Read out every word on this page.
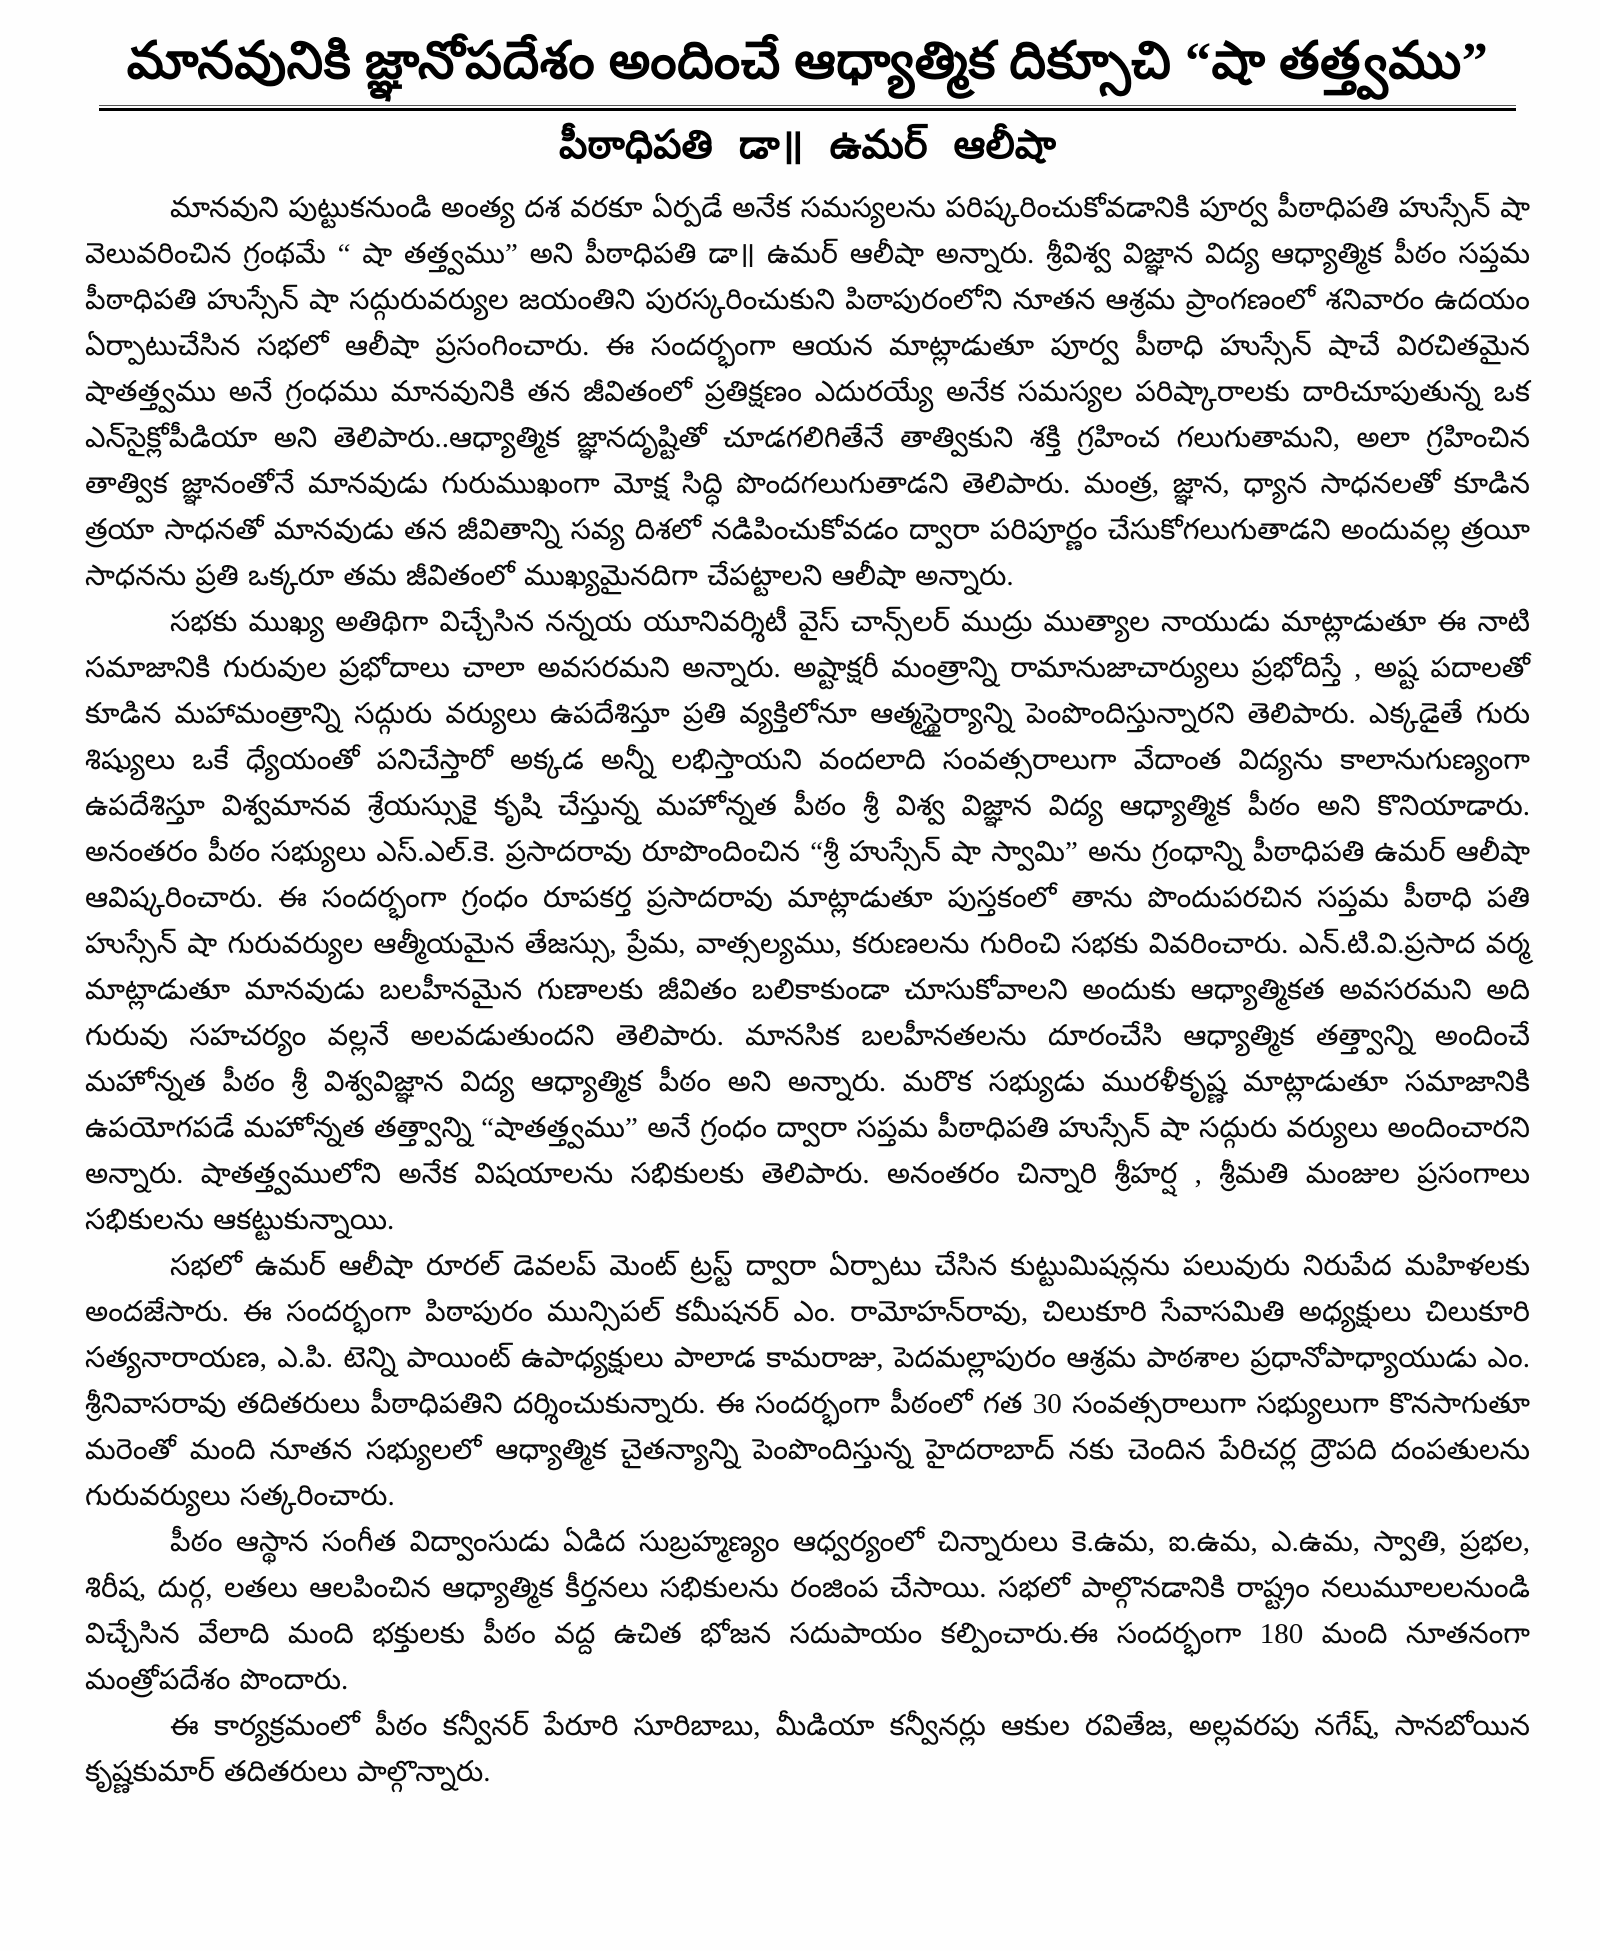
మానవునికి జ్ఞానోపదేశం అందించే ఆధ్యాత్మిక దిక్సూచి “షా తత్త్వము”
పీఠాధిపతి డా॥ ఉమర్ ఆలీషా

మానవుని పుట్టుకనుండి అంత్య దశ వరకూ ఏర్పడే అనేక సమస్యలను పరిష్కరించుకోవడానికి పూర్వ పీఠాధిపతి హుస్సేన్ షా వెలువరించిన గ్రంథమే “ షా తత్త్వము” అని పీఠాధిపతి డా॥ ఉమర్ ఆలీషా అన్నారు. శ్రీవిశ్వ విజ్ఞాన విద్య ఆధ్యాత్మిక పీఠం సప్తమ పీఠాధిపతి హుస్సేన్ షా సద్గురువర్యుల జయంతిని పురస్కరించుకుని పిఠాపురంలోని నూతన ఆశ్రమ ప్రాంగణంలో శనివారం ఉదయం ఏర్పాటుచేసిన సభలో ఆలీషా ప్రసంగించారు. ఈ సందర్భంగా ఆయన మాట్లాడుతూ పూర్వ పీఠాధి హుస్సేన్ షాచే విరచితమైన షాతత్త్వము అనే గ్రంధము మానవునికి తన జీవితంలో ప్రతిక్షణం ఎదురయ్యే అనేక సమస్యల పరిష్కారాలకు దారిచూపుతున్న ఒక ఎన్‌సైక్లోపీడియా అని తెలిపారు..ఆధ్యాత్మిక జ్ఞానదృష్టితో చూడగలిగితేనే తాత్వికుని శక్తి గ్రహించ గలుగుతామని, అలా గ్రహించిన తాత్విక జ్ఞానంతోనే మానవుడు గురుముఖంగా మోక్ష సిద్ధి పొందగలుగుతాడని తెలిపారు. మంత్ర, జ్ఞాన, ధ్యాన సాధనలతో కూడిన త్రయా సాధనతో మానవుడు తన జీవితాన్ని సవ్య దిశలో నడిపించుకోవడం ద్వారా పరిపూర్ణం చేసుకోగలుగుతాడని అందువల్ల త్రయీ సాధనను ప్రతి ఒక్కరూ తమ జీవితంలో ముఖ్యమైనదిగా చేపట్టాలని ఆలీషా అన్నారు.

సభకు ముఖ్య అతిథిగా విచ్చేసిన నన్నయ యూనివర్శిటీ వైస్ చాన్స్‌లర్ ముద్రు ముత్యాల నాయుడు మాట్లాడుతూ ఈ నాటి సమాజానికి గురువుల ప్రభోదాలు చాలా అవసరమని అన్నారు. అష్టాక్షరీ మంత్రాన్ని రామానుజాచార్యులు ప్రభోదిస్తే , అష్ట పదాలతో కూడిన మహామంత్రాన్ని సద్గురు వర్యులు ఉపదేశిస్తూ ప్రతి వ్యక్తిలోనూ ఆత్మస్థైర్యాన్ని పెంపొందిస్తున్నారని తెలిపారు. ఎక్కడైతే గురు శిష్యులు ఒకే ధ్యేయంతో పనిచేస్తారో అక్కడ అన్నీ లభిస్తాయని వందలాది సంవత్సరాలుగా వేదాంత విద్యను కాలానుగుణ్యంగా ఉపదేశిస్తూ విశ్వమానవ శ్రేయస్సుకై కృషి చేస్తున్న మహోన్నత పీఠం శ్రీ విశ్వ విజ్ఞాన విద్య ఆధ్యాత్మిక పీఠం అని కొనియాడారు. అనంతరం పీఠం సభ్యులు ఎస్.ఎల్.కె. ప్రసాదరావు రూపొందించిన “శ్రీ హుస్సేన్ షా స్వామి” అను గ్రంధాన్ని పీఠాధిపతి ఉమర్ ఆలీషా ఆవిష్కరించారు. ఈ సందర్భంగా గ్రంధం రూపకర్త ప్రసాదరావు మాట్లాడుతూ పుస్తకంలో తాను పొందుపరచిన సప్తమ పీఠాధి పతి హుస్సేన్ షా గురువర్యుల ఆత్మీయమైన తేజస్సు, ప్రేమ, వాత్సల్యము, కరుణలను గురించి సభకు వివరించారు. ఎన్.టి.వి.ప్రసాద వర్మ మాట్లాడుతూ మానవుడు బలహీనమైన గుణాలకు జీవితం బలికాకుండా చూసుకోవాలని అందుకు ఆధ్యాత్మికత అవసరమని అది గురువు సహచర్యం వల్లనే అలవడుతుందని తెలిపారు. మానసిక బలహీనతలను దూరంచేసి ఆధ్యాత్మిక తత్త్వాన్ని అందించే మహోన్నత పీఠం శ్రీ విశ్వవిజ్ఞాన విద్య ఆధ్యాత్మిక పీఠం అని అన్నారు. మరొక సభ్యుడు మురళీకృష్ణ మాట్లాడుతూ సమాజానికి ఉపయోగపడే మహోన్నత తత్త్వాన్ని “షాతత్త్వము” అనే గ్రంధం ద్వారా సప్తమ పీఠాధిపతి హుస్సేన్ షా సద్గురు వర్యులు అందించారని అన్నారు. షాతత్త్వములోని అనేక విషయాలను సభికులకు తెలిపారు. అనంతరం చిన్నారి శ్రీహర్ష , శ్రీమతి మంజుల ప్రసంగాలు సభికులను ఆకట్టుకున్నాయి.

సభలో ఉమర్ ఆలీషా రూరల్ డెవలప్ మెంట్ ట్రస్ట్ ద్వారా ఏర్పాటు చేసిన కుట్టుమిషన్లను పలువురు నిరుపేద మహిళలకు అందజేసారు. ఈ సందర్భంగా పిఠాపురం మున్సిపల్ కమీషనర్ ఎం. రామోహన్‌రావు, చిలుకూరి సేవాసమితి అధ్యక్షులు చిలుకూరి సత్యనారాయణ, ఎ.పి. టెన్ని పాయింట్ ఉపాధ్యక్షులు పాలాడ కామరాజు, పెదమల్లాపురం ఆశ్రమ పాఠశాల ప్రధానోపాధ్యాయుడు ఎం. శ్రీనివాసరావు తదితరులు పీఠాధిపతిని దర్శించుకున్నారు. ఈ సందర్భంగా పీఠంలో గత 30 సంవత్సరాలుగా సభ్యులుగా కొనసాగుతూ మరెంతో మంది నూతన సభ్యులలో ఆధ్యాత్మిక చైతన్యాన్ని పెంపొందిస్తున్న హైదరాబాద్ నకు చెందిన పేరిచర్ల ద్రౌపది దంపతులను గురువర్యులు సత్కరించారు.

పీఠం ఆస్థాన సంగీత విద్వాంసుడు ఏడిద సుబ్రహ్మణ్యం ఆధ్వర్యంలో చిన్నారులు కె.ఉమ, ఐ.ఉమ, ఎ.ఉమ, స్వాతి, ప్రభల, శిరీష, దుర్గ, లతలు ఆలపించిన ఆధ్యాత్మిక కీర్తనలు సభికులను రంజింప చేసాయి. సభలో పాల్గొనడానికి రాష్ట్రం నలుమూలలనుండి విచ్చేసిన వేలాది మంది భక్తులకు పీఠం వద్ద ఉచిత భోజన సదుపాయం కల్పించారు.ఈ సందర్భంగా 180 మంది నూతనంగా మంత్రోపదేశం పొందారు.

ఈ కార్యక్రమంలో పీఠం కన్వీనర్ పేరూరి సూరిబాబు, మీడియా కన్వీనర్లు ఆకుల రవితేజ, అల్లవరపు నగేష్, సానబోయిన కృష్ణకుమార్ తదితరులు పాల్గొన్నారు.
